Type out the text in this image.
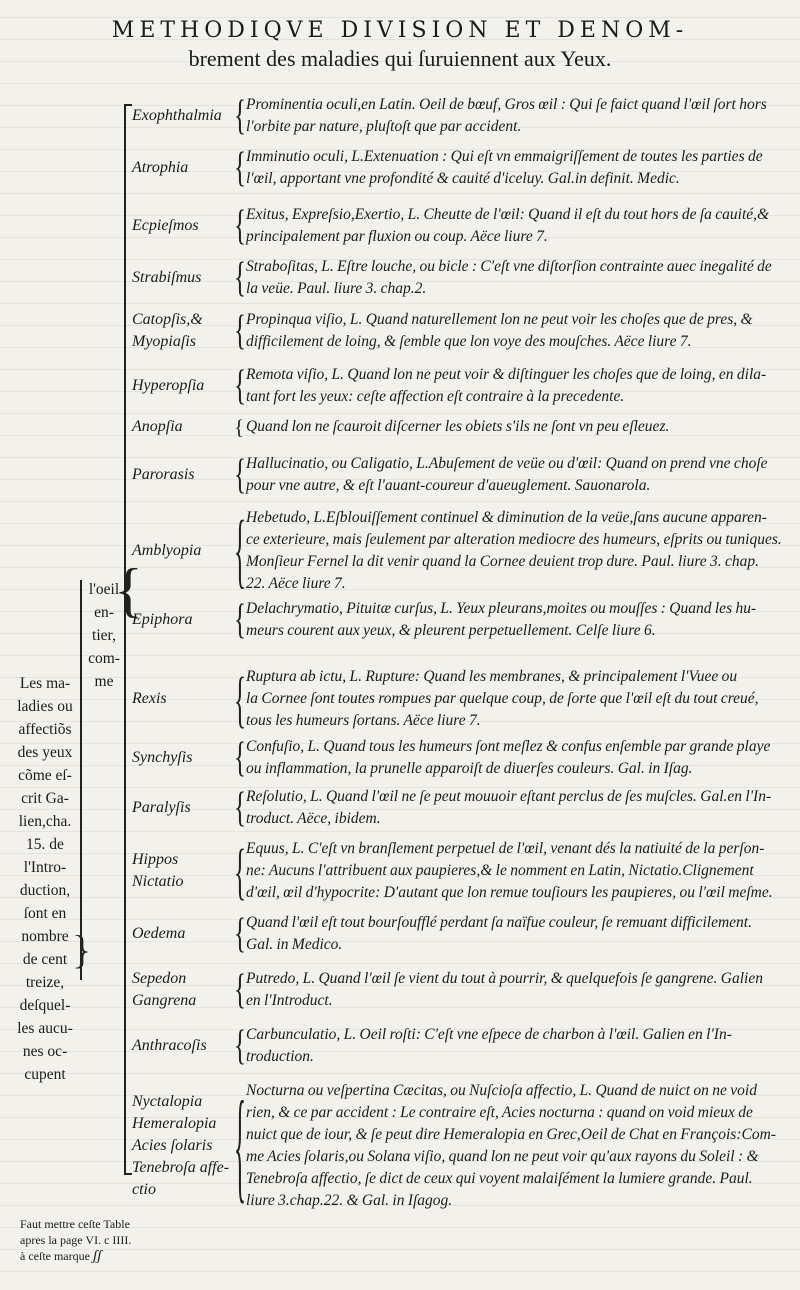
METHODIQVE DIVISION ET DENOM-
brement des maladies qui ſuruiennent aux Yeux.
{
l'oeil
en-
tier,
com-
me
}
Les ma-
ladies ou
affectiõs
des yeux
cõme eſ-
crit Ga-
lien,cha.
15. de
l'Intro-
duction,
ſont en
nombre
de cent
treize,
deſquel-
les aucu-
nes oc-
cupent
Exophthalmia { Prominentia oculi,en Latin. Oeil de bœuf, Gros œil : Qui ſe faict quand l'œil ſort hors

l'orbite par nature, pluſtoſt que par accident.

Atrophia	{ Imminutio oculi, L.Extenuation : Qui eſt vn emmaigriſſement de toutes les parties de

l'œil, apportant vne profondité & cauité d'iceluy. Gal.in definit. Medic.

Ecpieſmos { Exitus, Expreſsio,Exertio, L. Cheutte de l'œil: Quand il eſt du tout hors de ſa cauité,&

principalement par fluxion ou coup. Aëce liure 7.

Strabiſmus { Straboſitas, L. Eſtre louche, ou bicle : C'eſt vne diſtorſion contrainte auec inegalité de

la veüe. Paul. liure 3. chap.2.

Catopſis,&
Myopiaſis { Propinqua viſio, L. Quand naturellement lon ne peut voir les choſes que de pres, &

difficilement de loing, & ſemble que lon voye des mouſches. Aëce liure 7.

Hyperopſia { Remota viſio, L. Quand lon ne peut voir & diſtinguer les choſes que de loing, en dila-

tant fort les yeux: ceſte affection eſt contraire à la precedente.

Anopſia	{ Quand lon ne ſcauroit diſcerner les obiets s'ils ne ſont vn peu eſleuez.

Parorasis { Hallucinatio, ou Caligatio, L.Abuſement de veüe ou d'œil: Quand on prend vne choſe

pour vne autre, & eſt l'auant-coureur d'aueuglement. Sauonarola.

Amblyopia { Hebetudo, L.Eſblouiſſement continuel & diminution de la veüe,ſans aucune apparen-

ce exterieure, mais ſeulement par alteration mediocre des humeurs, eſprits ou tuniques.

Monſieur Fernel la dit venir quand la Cornee deuient trop dure. Paul. liure 3. chap.

22. Aëce liure 7.

Epiphora { Delachrymatio, Pituitæ curſus, L. Yeux pleurans,moites ou mouſſes : Quand les hu-

meurs courent aux yeux, & pleurent perpetuellement. Celſe liure 6.

Rexis	{ Ruptura ab ictu, L. Rupture: Quand les membranes, & principalement l'Vuee ou

la Cornee ſont toutes rompues par quelque coup, de ſorte que l'œil eſt du tout creué,

tous les humeurs ſortans. Aëce liure 7.

Synchyſis { Confuſio, L. Quand tous les humeurs ſont meſlez & confus enſemble par grande playe

ou inflammation, la prunelle apparoiſt de diuerſes couleurs. Gal. in Iſag.

Paralyſis	{ Reſolutio, L. Quand l'œil ne ſe peut mouuoir eſtant perclus de ſes muſcles. Gal.en l'In-

troduct. Aëce, ibidem.

Hippos
Nictatio { Equus, L. C'eſt vn branſlement perpetuel de l'œil, venant dés la natiuité de la perſon-

ne: Aucuns l'attribuent aux paupieres,& le nomment en Latin, Nictatio.Clignement

d'œil, œil d'hypocrite: D'autant que lon remue touſiours les paupieres, ou l'œil meſme.

Oedema	{ Quand l'œil eſt tout bourſoufflé perdant ſa naïfue couleur, ſe remuant difficilement.

Gal. in Medico.

Sepedon
Gangrena { Putredo, L. Quand l'œil ſe vient du tout à pourrir, & quelquefois ſe gangrene. Galien

en l'Introduct.

Anthracoſis { Carbunculatio, L. Oeil roſti: C'eſt vne eſpece de charbon à l'œil. Galien en l'In-

troduction.

Nyctalopia
Hemeralopia
Acies ſolaris
Tenebroſa affe-
ctio { Nocturna ou veſpertina Cæcitas, ou Nuſcioſa affectio, L. Quand de nuict on ne void

rien, & ce par accident : Le contraire eſt, Acies nocturna : quand on void mieux de

nuict que de iour, & ſe peut dire Hemeralopia en Grec,Oeil de Chat en François:Com-

me Acies ſolaris,ou Solana viſio, quand lon ne peut voir qu'aux rayons du Soleil : &

Tenebroſa affectio, ſe dict de ceux qui voyent malaiſément la lumiere grande. Paul.

liure 3.chap.22. & Gal. in Iſagog.

Faut mettre ceſte Table
apres la page VI. c IIII.
à ceſte marque ʃʃ
